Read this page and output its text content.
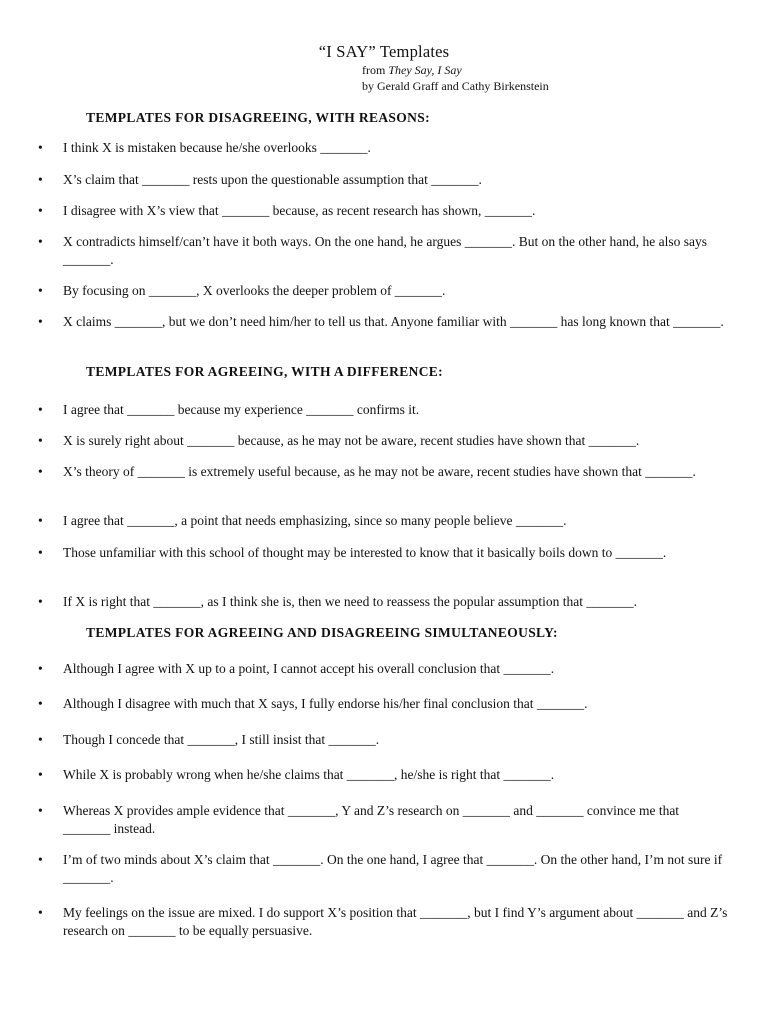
“I SAY” Templates
from They Say, I Say
by Gerald Graff and Cathy Birkenstein
TEMPLATES FOR DISAGREEING, WITH REASONS:
•	I think X is mistaken because he/she overlooks _______.
•	X’s claim that _______ rests upon the questionable assumption that _______.
•	I disagree with X’s view that _______ because, as recent research has shown, _______.
•	X contradicts himself/can’t have it both ways. On the one hand, he argues _______. But on the other hand, he also says _______.
•	By focusing on _______, X overlooks the deeper problem of _______.
•	X claims _______, but we don’t need him/her to tell us that. Anyone familiar with _______ has long known that _______.
TEMPLATES FOR AGREEING, WITH A DIFFERENCE:
•	I agree that _______ because my experience _______ confirms it.
•	X is surely right about _______ because, as he may not be aware, recent studies have shown that _______.
•	X’s theory of _______ is extremely useful because, as he may not be aware, recent studies have shown that _______.
•	I agree that _______, a point that needs emphasizing, since so many people believe _______.
•	Those unfamiliar with this school of thought may be interested to know that it basically boils down to _______.
•	If X is right that _______, as I think she is, then we need to reassess the popular assumption that _______.
TEMPLATES FOR AGREEING AND DISAGREEING SIMULTANEOUSLY:
•	Although I agree with X up to a point, I cannot accept his overall conclusion that _______.
•	Although I disagree with much that X says, I fully endorse his/her final conclusion that _______.
•	Though I concede that _______, I still insist that _______.
•	While X is probably wrong when he/she claims that _______, he/she is right that _______.
•	Whereas X provides ample evidence that _______, Y and Z’s research on _______ and _______ convince me that _______ instead.
•	I’m of two minds about X’s claim that _______. On the one hand, I agree that _______. On the other hand, I’m not sure if _______.
•	My feelings on the issue are mixed. I do support X’s position that _______, but I find Y’s argument about _______ and Z’s research on _______ to be equally persuasive.
